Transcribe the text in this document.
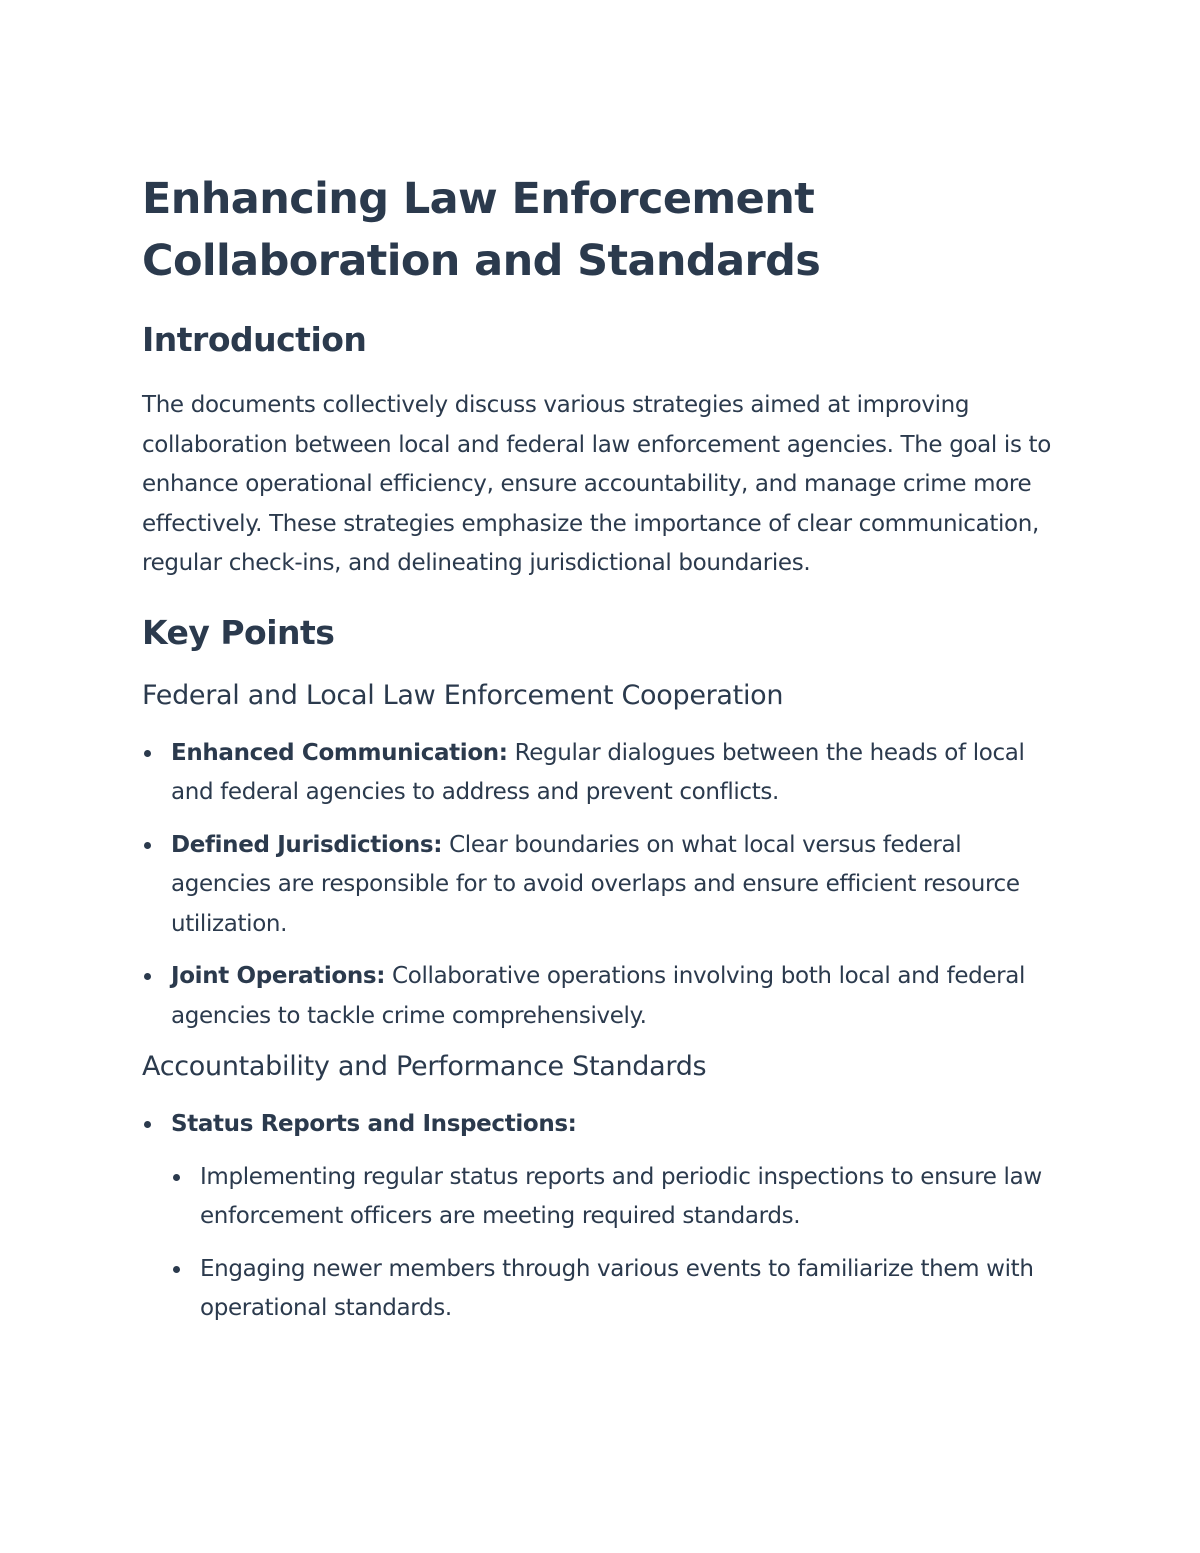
Enhancing Law Enforcement Collaboration and Standards
Introduction

The documents collectively discuss various strategies aimed at improving collaboration between local and federal law enforcement agencies. The goal is to enhance operational efficiency, ensure accountability, and manage crime more effectively. These strategies emphasize the importance of clear communication, regular check-ins, and delineating jurisdictional boundaries.

Key Points
Federal and Local Law Enforcement Cooperation
Enhanced Communication: Regular dialogues between the heads of local and federal agencies to address and prevent conflicts.
Defined Jurisdictions: Clear boundaries on what local versus federal agencies are responsible for to avoid overlaps and ensure efficient resource utilization.
Joint Operations: Collaborative operations involving both local and federal agencies to tackle crime comprehensively.
Accountability and Performance Standards
Status Reports and Inspections:
Implementing regular status reports and periodic inspections to ensure law enforcement officers are meeting required standards.
Engaging newer members through various events to familiarize them with operational standards.
